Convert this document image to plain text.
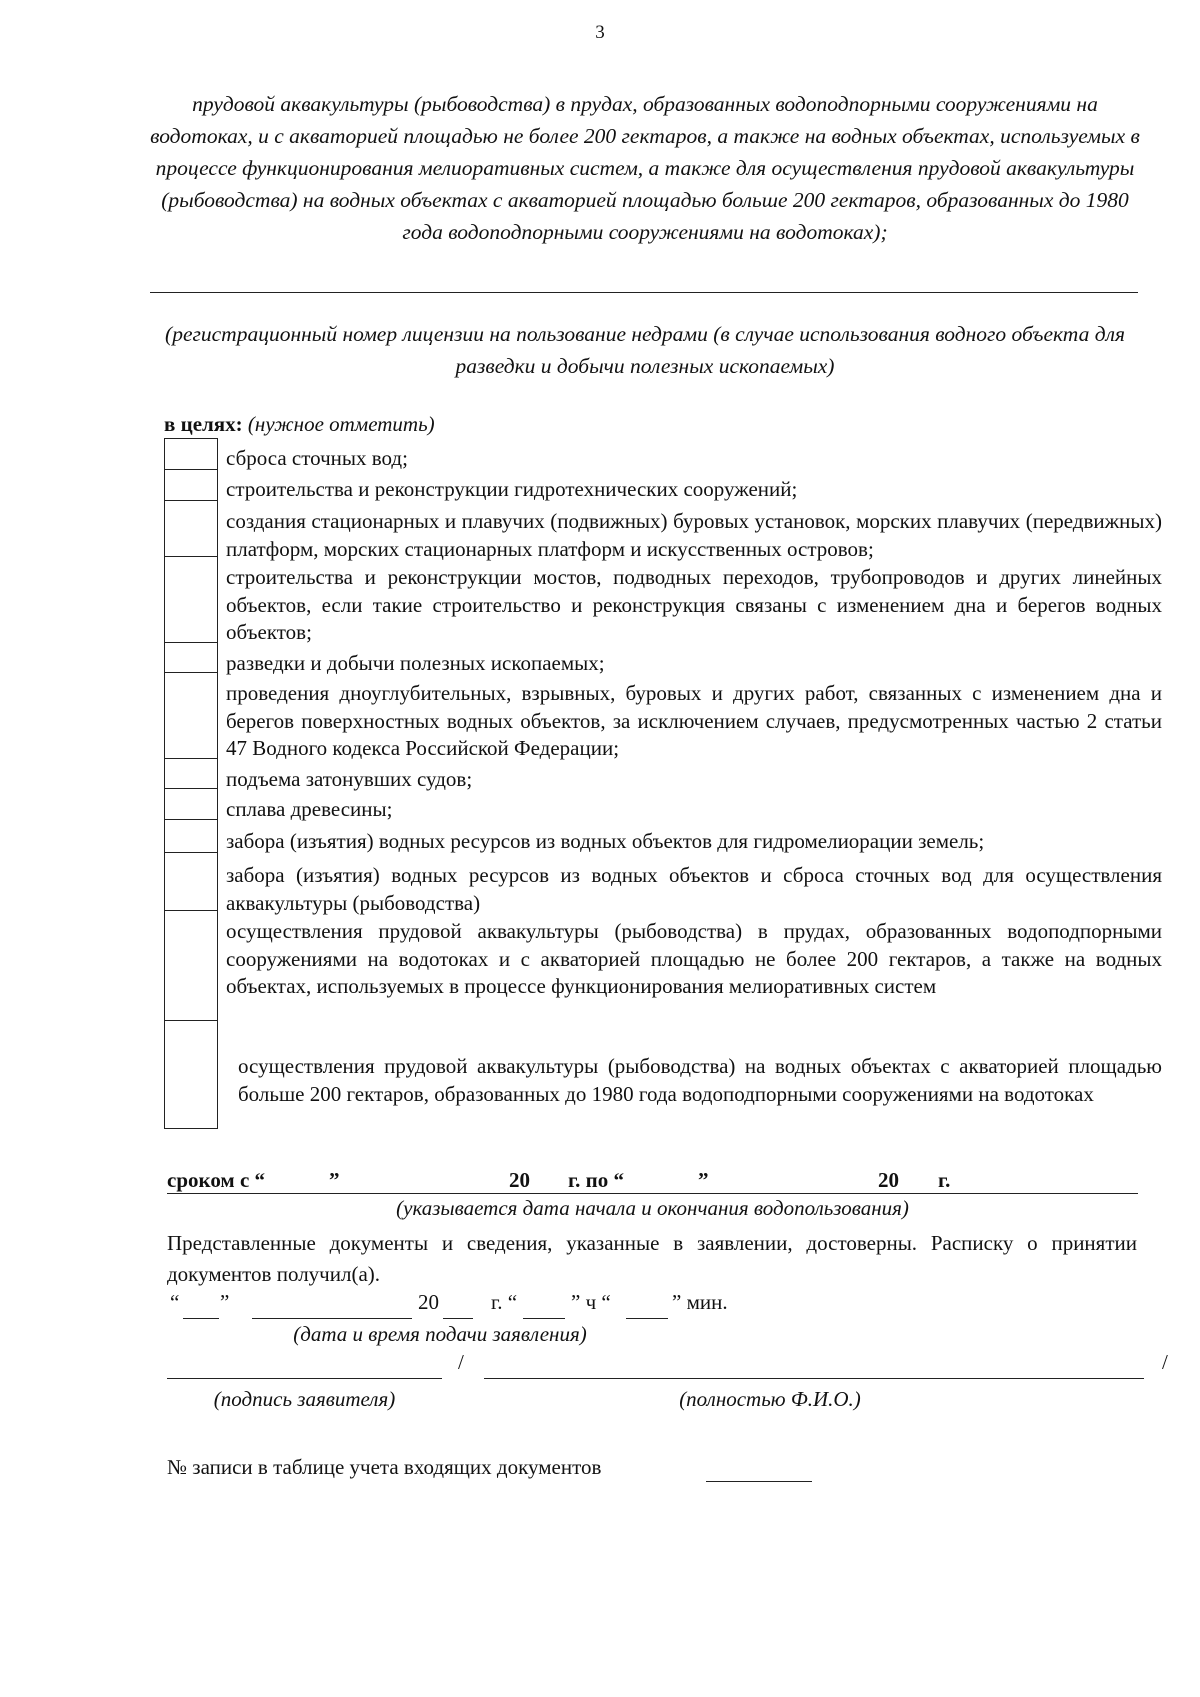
3
прудовой аквакультуры (рыбоводства) в прудах, образованных водоподпорными сооружениями на водотоках, и с акваторией площадью не более 200 гектаров, а также на водных объектах, используемых в процессе функционирования мелиоративных систем, а также для осуществления прудовой аквакультуры (рыбоводства) на водных объектах с акваторией площадью больше 200 гектаров, образованных до 1980 года водоподпорными сооружениями на водотоках);
(регистрационный номер лицензии на пользование недрами (в случае использования водного объекта для разведки и добычи полезных ископаемых)
в целях: (нужное отметить)
сброса сточных вод;
строительства и реконструкции гидротехнических сооружений;
создания стационарных и плавучих (подвижных) буровых установок, морских плавучих (передвижных) платформ, морских стационарных платформ и искусственных островов;
строительства и реконструкции мостов, подводных переходов, трубопроводов и других линейных объектов, если такие строительство и реконструкция связаны с изменением дна и берегов водных объектов;
разведки и добычи полезных ископаемых;
проведения дноуглубительных, взрывных, буровых и других работ, связанных с изменением дна и берегов поверхностных водных объектов, за исключением случаев, предусмотренных частью 2 статьи 47 Водного кодекса Российской Федерации;
подъема затонувших судов;
сплава древесины;
забора (изъятия) водных ресурсов из водных объектов для гидромелиорации земель;
забора (изъятия) водных ресурсов из водных объектов и сброса сточных вод для осуществления аквакультуры (рыбоводства)
осуществления прудовой аквакультуры (рыбоводства) в прудах, образованных водоподпорными сооружениями на водотоках и с акваторией площадью не более 200 гектаров, а также на водных объектах, используемых в процессе функционирования мелиоративных систем
осуществления прудовой аквакультуры (рыбоводства) на водных объектах с акваторией площадью больше 200 гектаров, образованных до 1980 года водоподпорными сооружениями на водотоках
сроком с “	”	20 г. по “	”	20 г.
(указывается дата начала и окончания водопользования)
Представленные документы и сведения, указанные в заявлении, достоверны. Расписку о принятии документов получил(а).
“ ”	20 г. “	” ч “	” мин.
(дата и время подачи заявления)
/	/
(подпись заявителя)	(полностью Ф.И.О.)
№ записи в таблице учета входящих документов
